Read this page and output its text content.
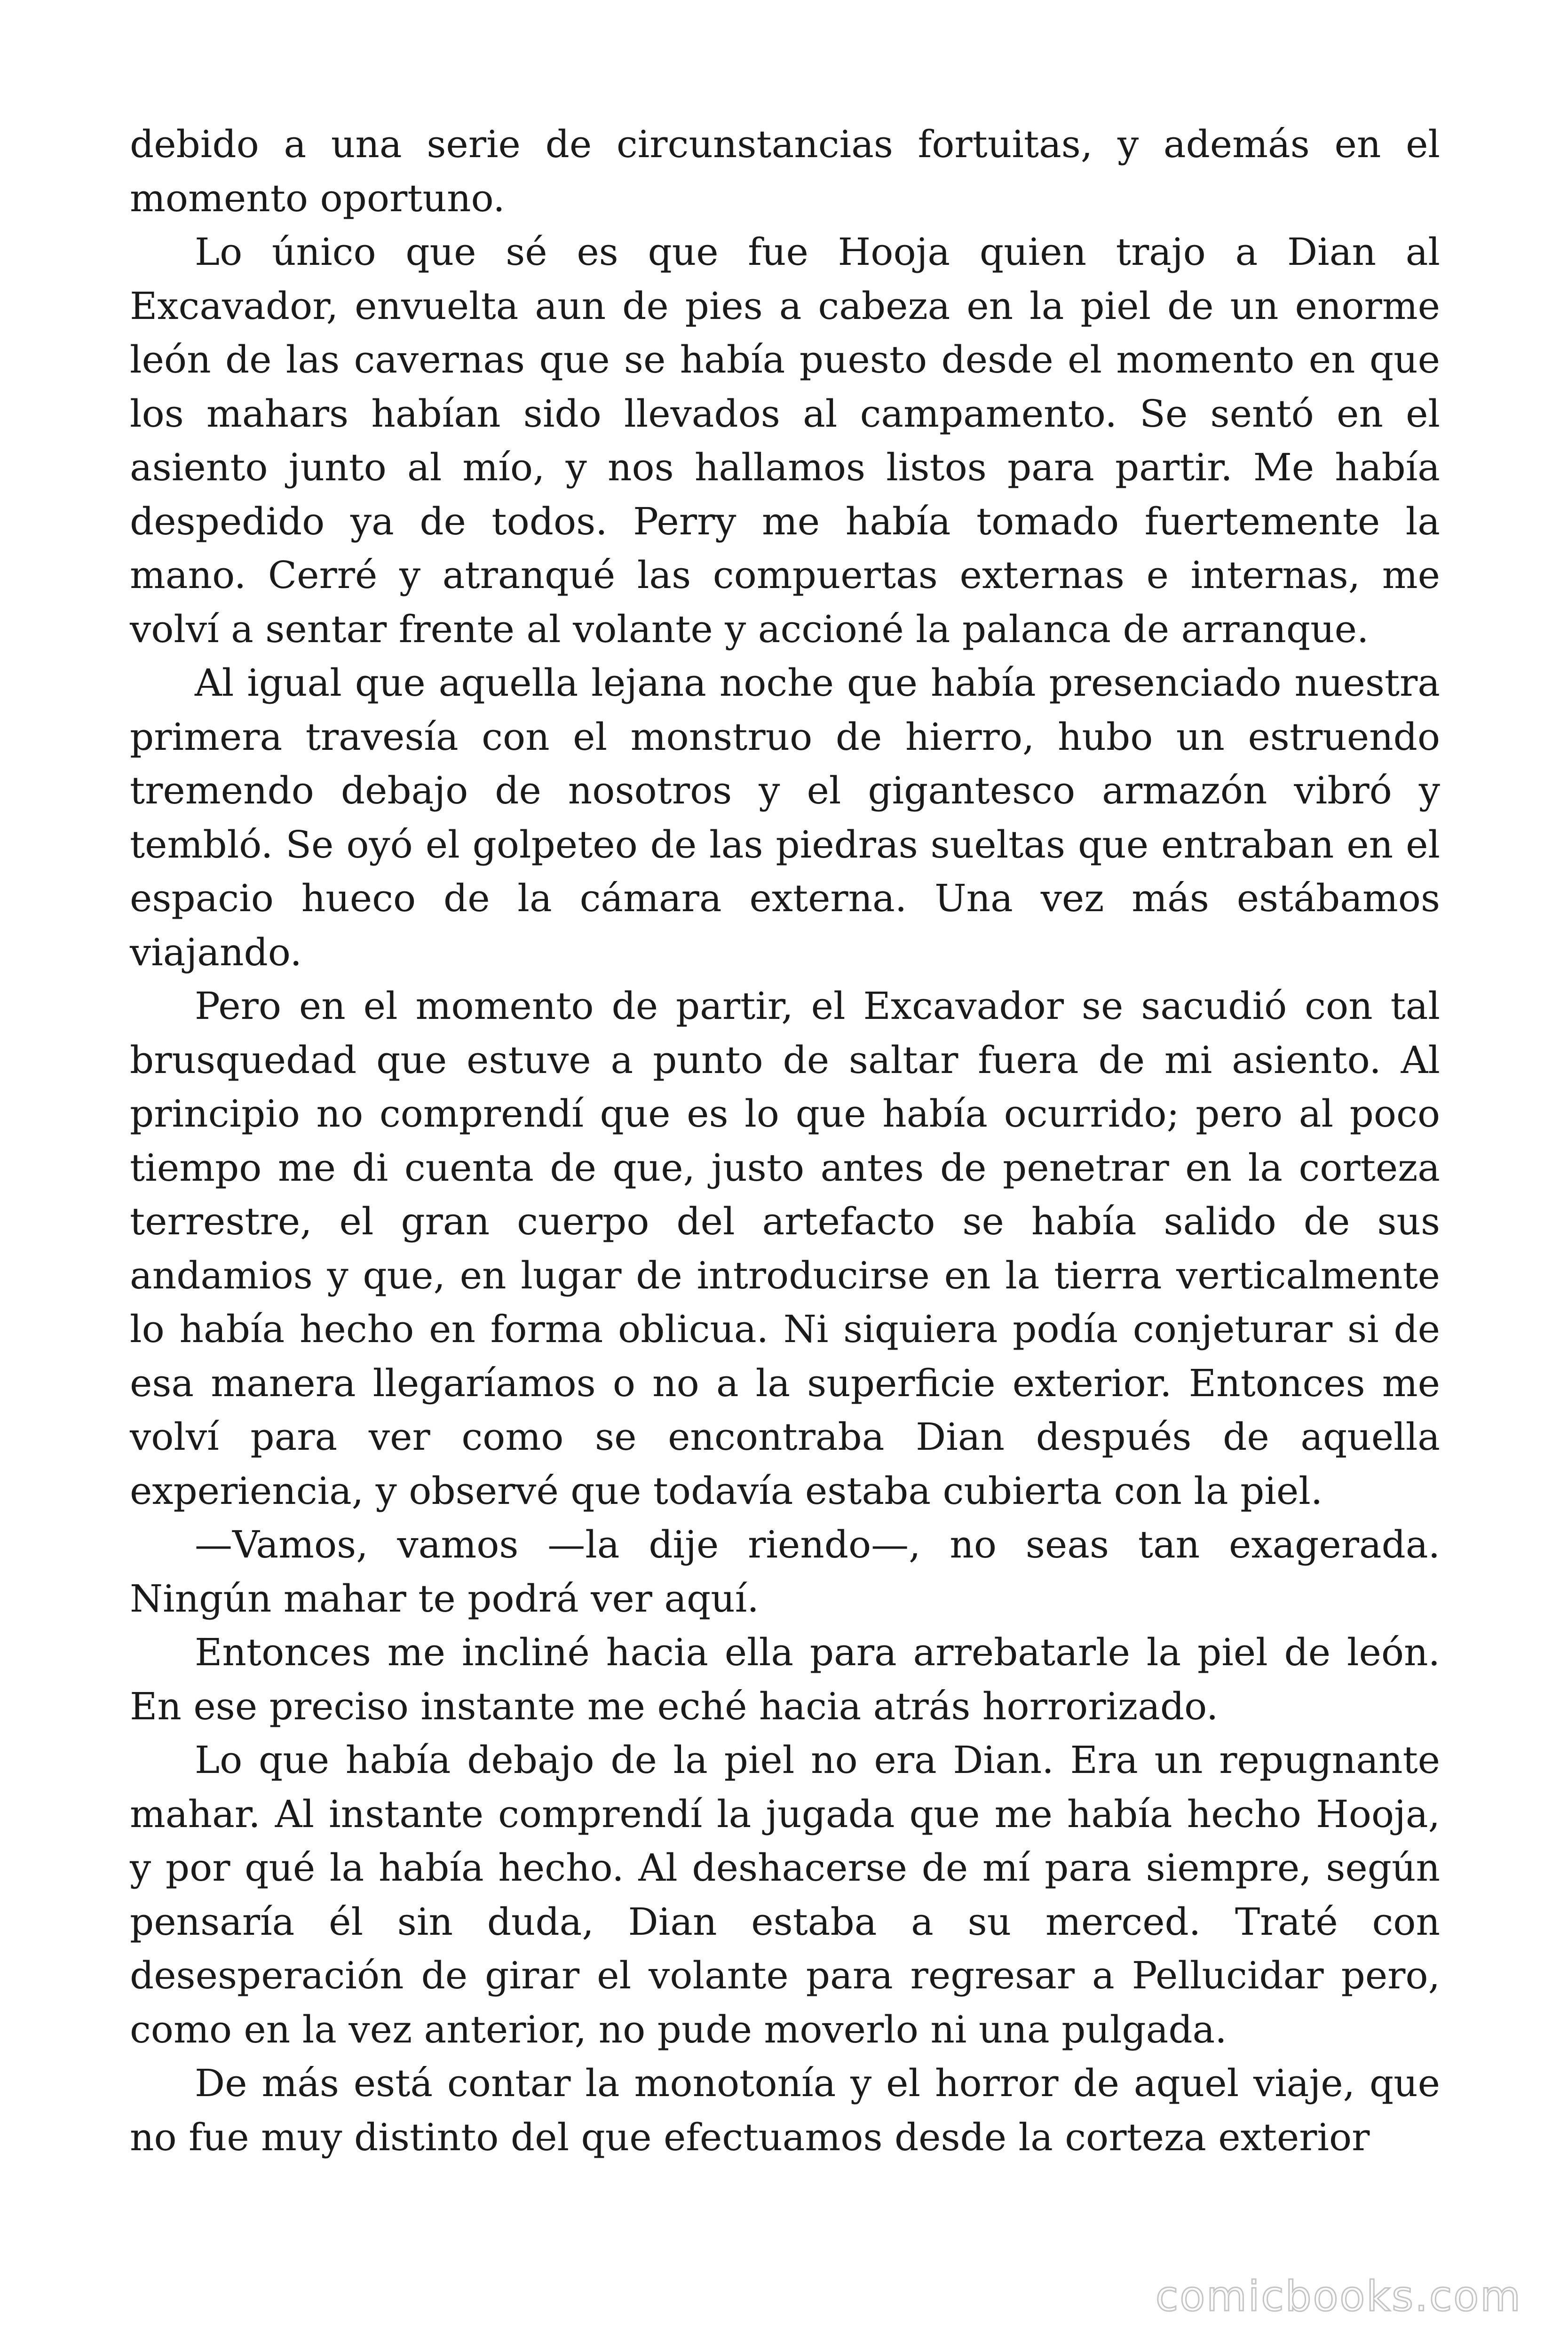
debido a una serie de circunstancias fortuitas, y además en el momento oportuno.

Lo único que sé es que fue Hooja quien trajo a Dian al Excavador, envuelta aun de pies a cabeza en la piel de un enorme león de las cavernas que se había puesto desde el momento en que los mahars habían sido llevados al campamento. Se sentó en el asiento junto al mío, y nos hallamos listos para partir. Me había despedido ya de todos. Perry me había tomado fuertemente la mano. Cerré y atranqué las compuertas externas e internas, me volví a sentar frente al volante y accioné la palanca de arranque.

Al igual que aquella lejana noche que había presenciado nuestra primera travesía con el monstruo de hierro, hubo un estruendo tremendo debajo de nosotros y el gigantesco armazón vibró y tembló. Se oyó el golpeteo de las piedras sueltas que entraban en el espacio hueco de la cámara externa. Una vez más estábamos viajando.

Pero en el momento de partir, el Excavador se sacudió con tal brusquedad que estuve a punto de saltar fuera de mi asiento. Al principio no comprendí que es lo que había ocurrido; pero al poco tiempo me di cuenta de que, justo antes de penetrar en la corteza terrestre, el gran cuerpo del artefacto se había salido de sus andamios y que, en lugar de introducirse en la tierra verticalmente lo había hecho en forma oblicua. Ni siquiera podía conjeturar si de esa manera llegaríamos o no a la superficie exterior. Entonces me volví para ver como se encontraba Dian después de aquella experiencia, y observé que todavía estaba cubierta con la piel.

—Vamos, vamos —la dije riendo—, no seas tan exagerada. Ningún mahar te podrá ver aquí.

Entonces me incliné hacia ella para arrebatarle la piel de león. En ese preciso instante me eché hacia atrás horrorizado.

Lo que había debajo de la piel no era Dian. Era un repugnante mahar. Al instante comprendí la jugada que me había hecho Hooja, y por qué la había hecho. Al deshacerse de mí para siempre, según pensaría él sin duda, Dian estaba a su merced. Traté con desesperación de girar el volante para regresar a Pellucidar pero, como en la vez anterior, no pude moverlo ni una pulgada.

De más está contar la monotonía y el horror de aquel viaje, que no fue muy distinto del que efectuamos desde la corteza exterior

comicbooks.com
